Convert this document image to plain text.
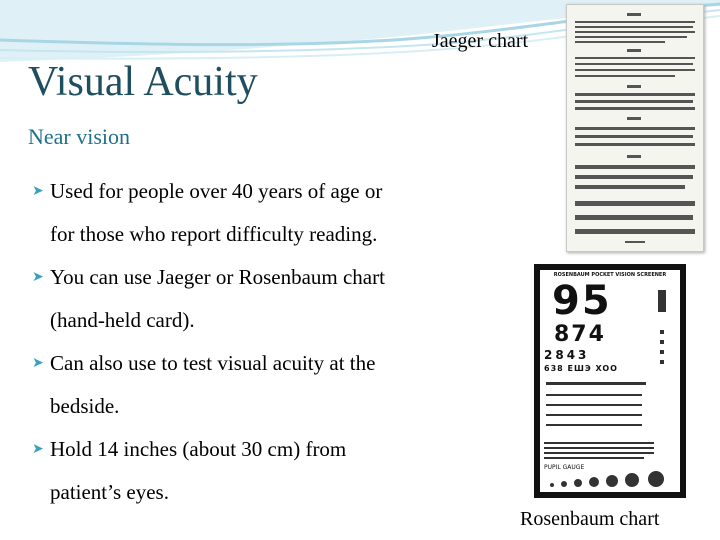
Jaeger chart
Visual Acuity
Near vision
➤ Used for people over 40 years of age or
for those who report difficulty reading.
➤ You can use Jaeger or Rosenbaum chart
(hand-held card).
➤ Can also use to test visual acuity at the
bedside.
➤ Hold 14 inches (about 30 cm) from
patient’s eyes.
ROSENBAUM POCKET VISION SCREENER
95
874
2843
638 EШЭ XOO
PUPIL GAUGE
Rosenbaum chart
